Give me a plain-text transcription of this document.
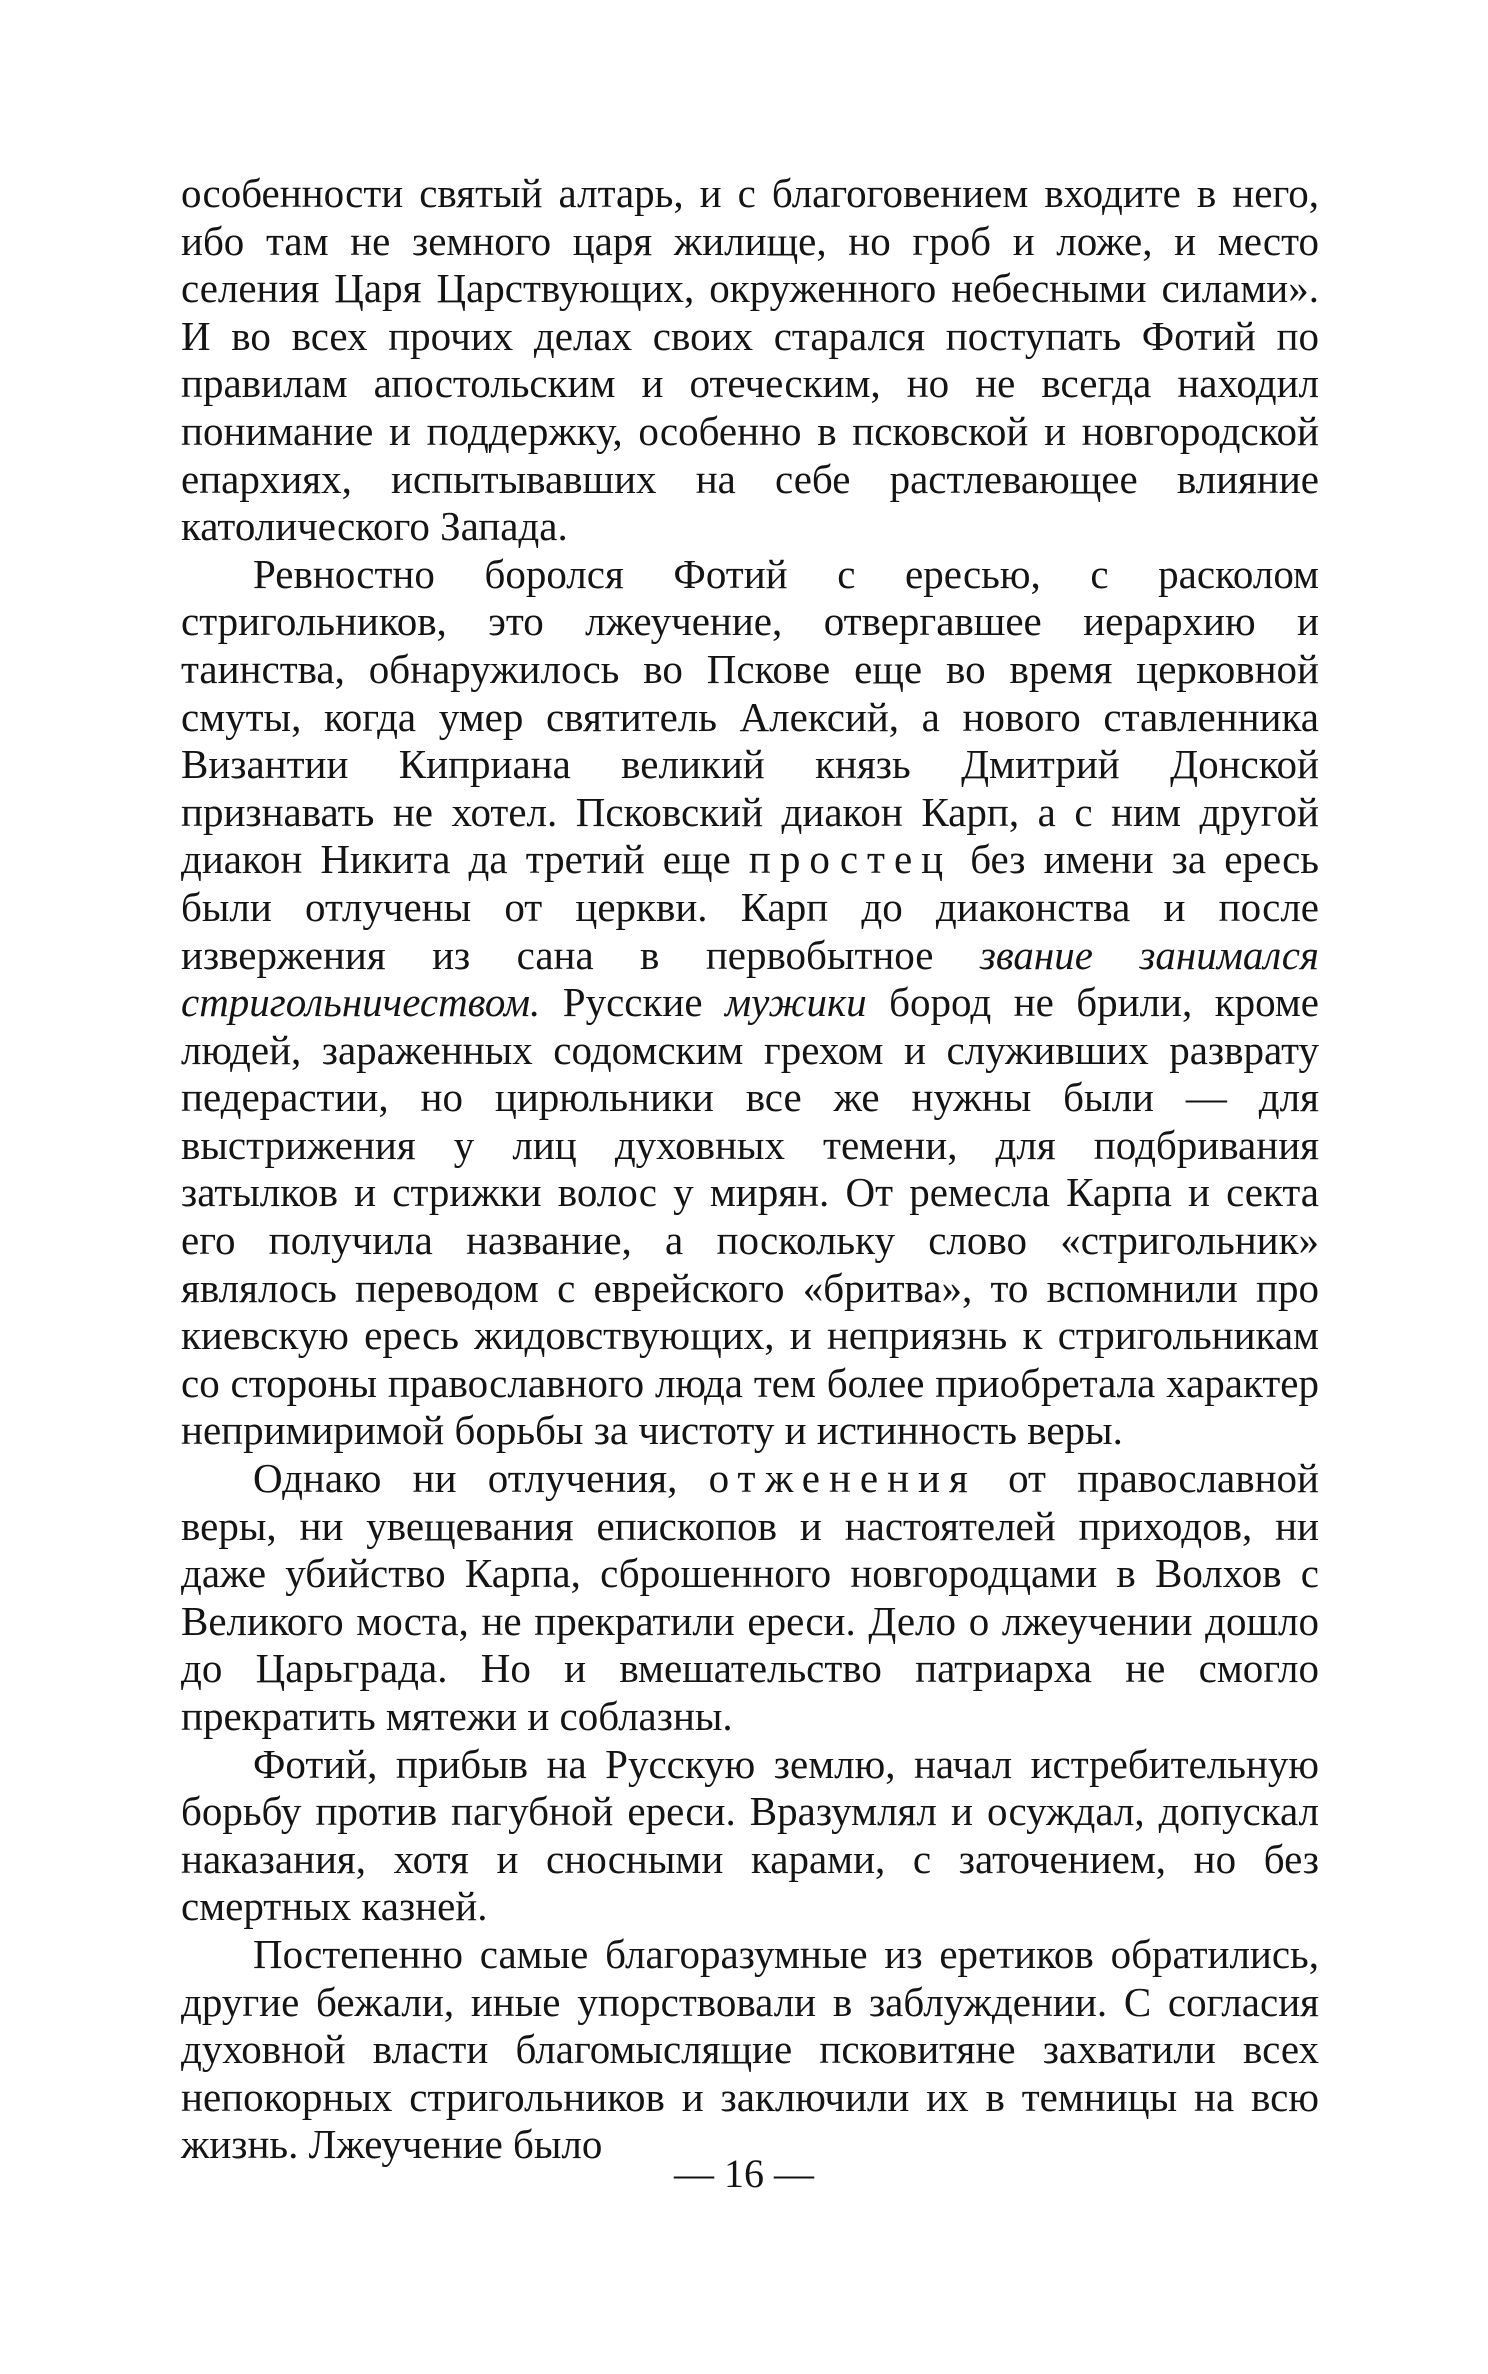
особенности святый алтарь, и с благоговением входите в него, ибо там не земного царя жилище, но гроб и ложе, и место селения Царя Царствующих, окруженного небесными силами». И во всех прочих делах своих старался поступать Фотий по правилам апостольским и отеческим, но не всегда находил понимание и поддержку, особенно в псковской и новгородской епархиях, испытывавших на себе растлевающее влияние католического Запада.

Ревностно боролся Фотий с ересью, с расколом стригольников, это лжеучение, отвергавшее иерархию и таинства, обнаружилось во Пскове еще во время церковной смуты, когда умер святитель Алексий, а нового ставленника Византии Киприана великий князь Дмитрий Донской признавать не хотел. Псковский диакон Карп, а с ним другой диакон Никита да третий еще простец без имени за ересь были отлучены от церкви. Карп до диаконства и после извержения из сана в первобытное звание занимался стригольничеством. Русские мужики бород не брили, кроме людей, зараженных содомским грехом и служивших разврату педерастии, но цирюльники все же нужны были — для выстрижения у лиц духовных темени, для подбривания затылков и стрижки волос у мирян. От ремесла Карпа и секта его получила название, а поскольку слово «стригольник» являлось переводом с еврейского «бритва», то вспомнили про киевскую ересь жидовствующих, и неприязнь к стригольникам со стороны православного люда тем более приобретала характер непримиримой борьбы за чистоту и истинность веры.

Однако ни отлучения, отженения от православной веры, ни увещевания епископов и настоятелей приходов, ни даже убийство Карпа, сброшенного новгородцами в Волхов с Великого моста, не прекратили ереси. Дело о лжеучении дошло до Царьграда. Но и вмешательство патриарха не смогло прекратить мятежи и соблазны.

Фотий, прибыв на Русскую землю, начал истребительную борьбу против пагубной ереси. Вразумлял и осуждал, допускал наказания, хотя и сносными карами, с заточением, но без смертных казней.

Постепенно самые благоразумные из еретиков обратились, другие бежали, иные упорствовали в заблуждении. С согласия духовной власти благомыслящие псковитяне захватили всех непокорных стригольников и заключили их в темницы на всю жизнь. Лжеучение было

— 16 —
